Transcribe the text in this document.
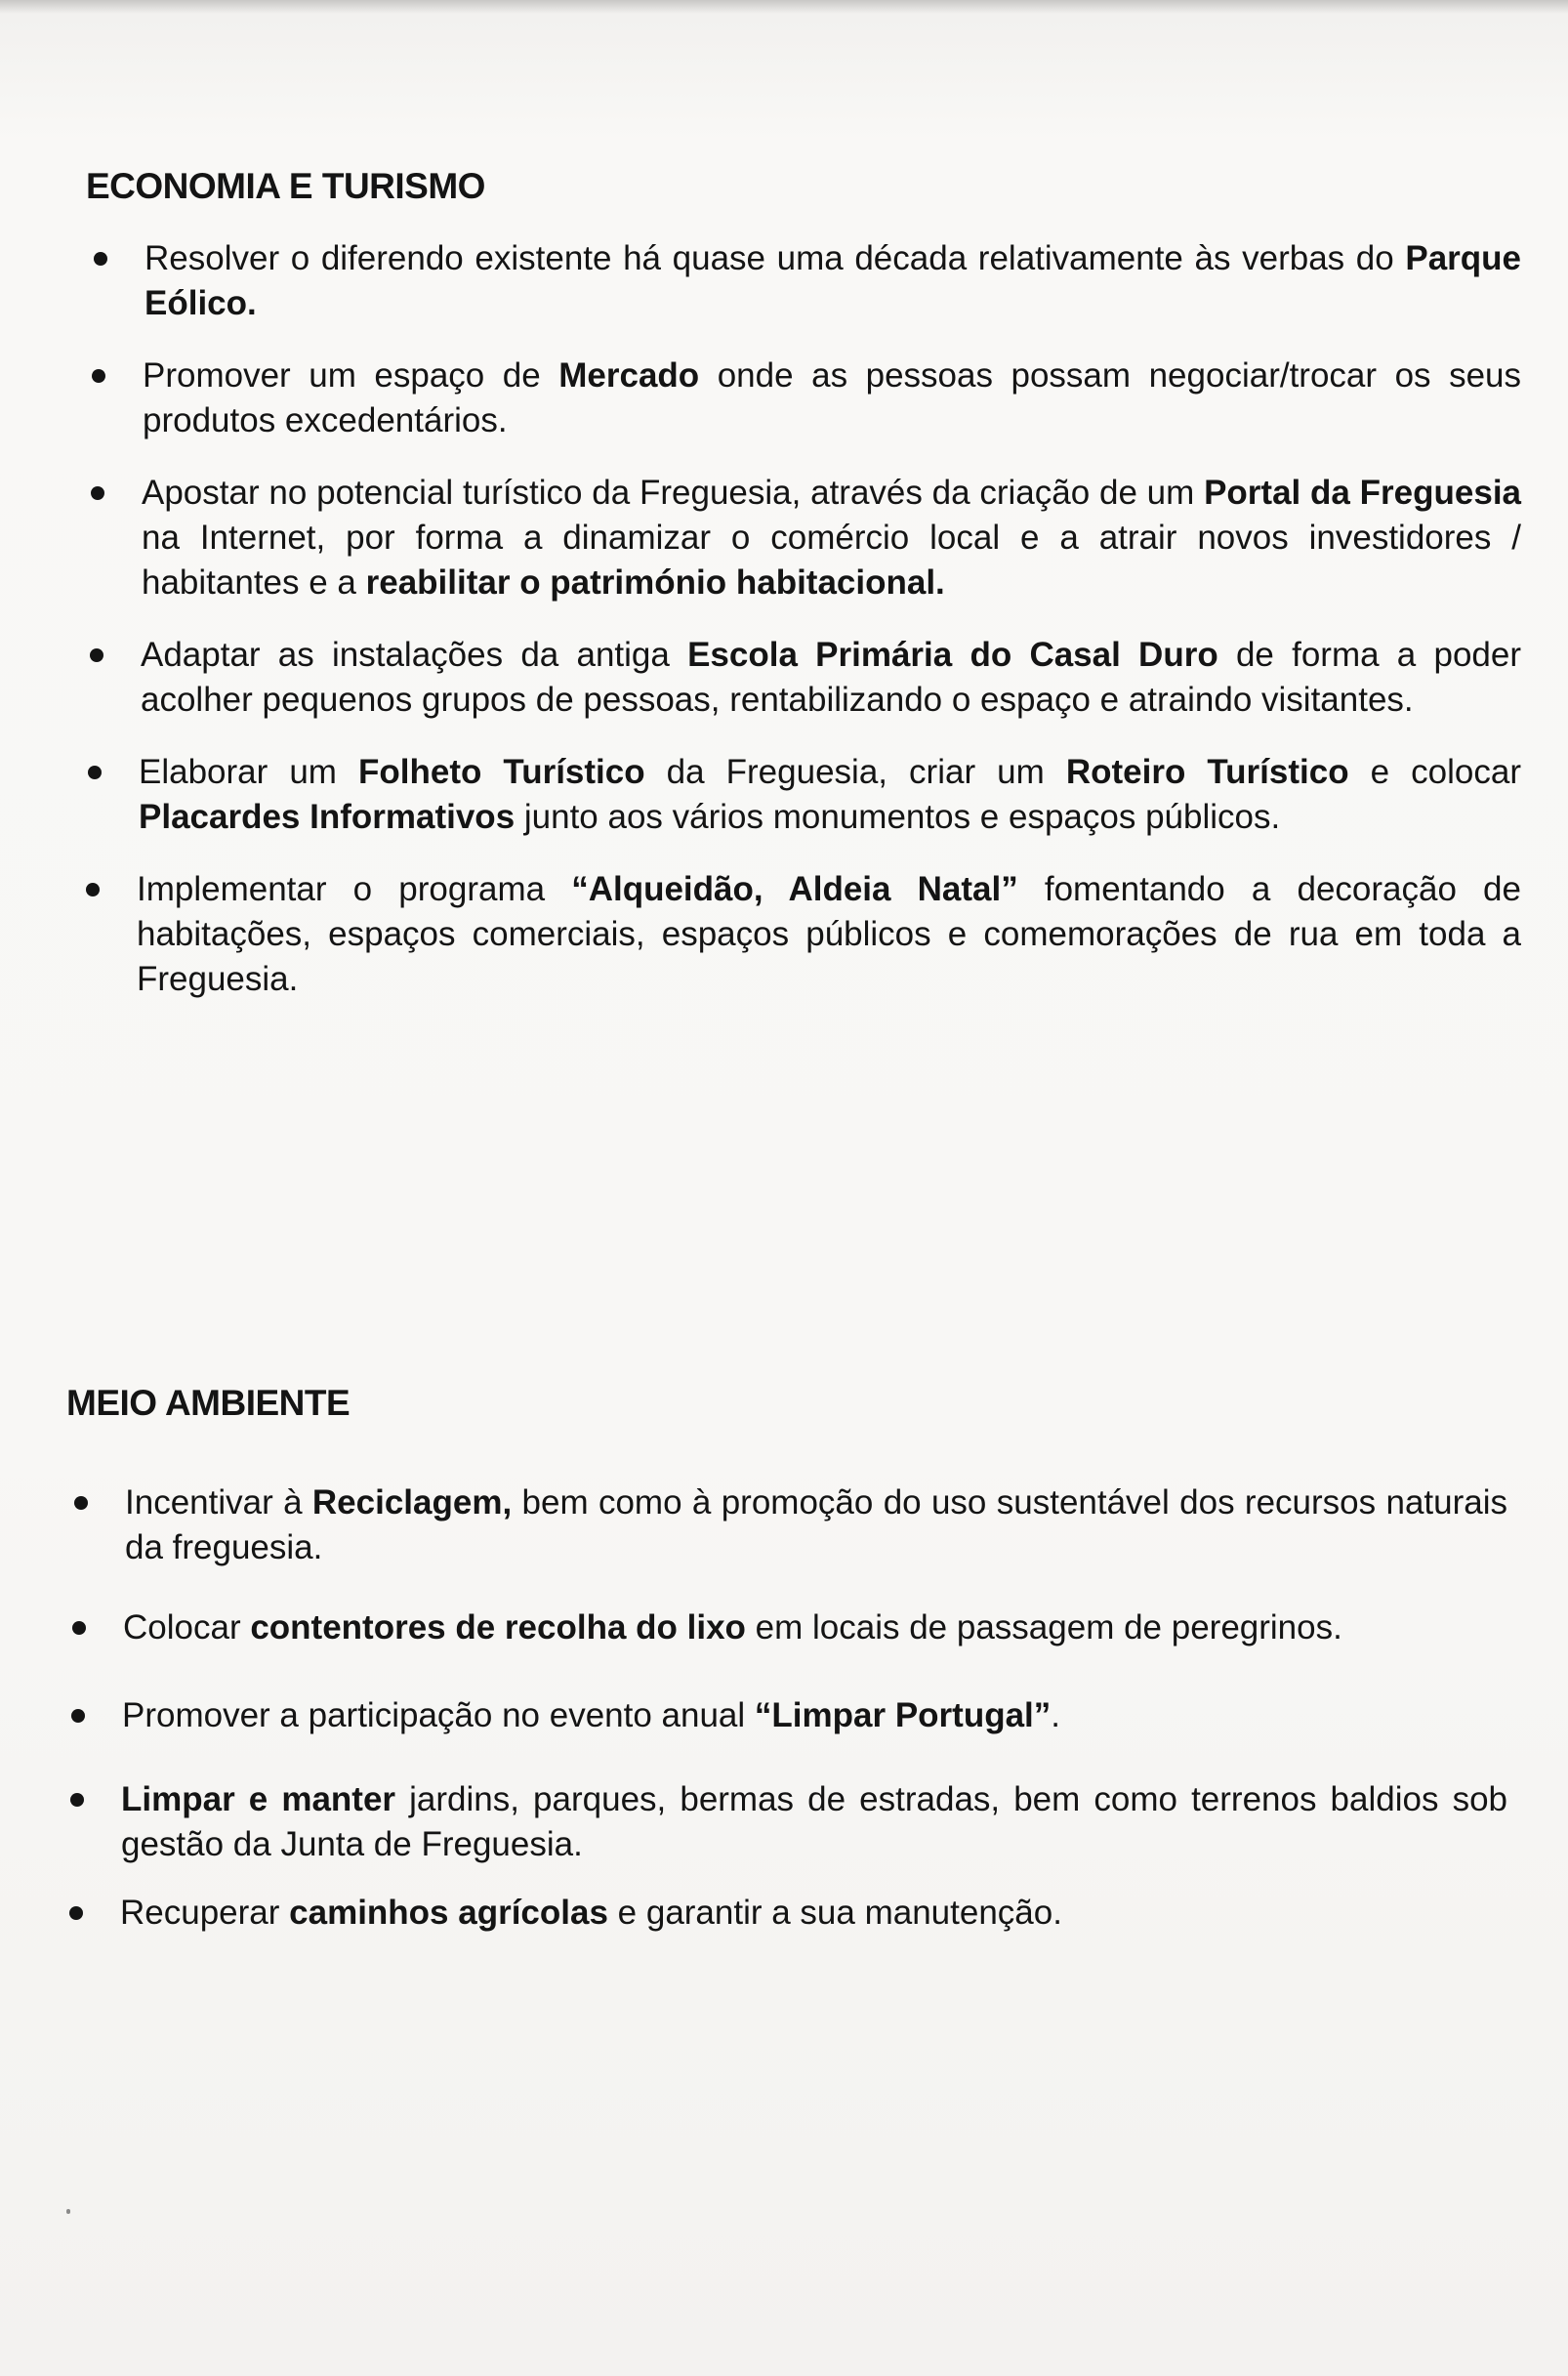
ECONOMIA E TURISMO
Resolver o diferendo existente há quase uma década relativamente às verbas do Parque Eólico.
Promover um espaço de Mercado onde as pessoas possam negociar/trocar os seus produtos excedentários.
Apostar no potencial turístico da Freguesia, através da criação de um Portal da Freguesia na Internet, por forma a dinamizar o comércio local e a atrair novos investidores / habitantes e a reabilitar o património habitacional.
Adaptar as instalações da antiga Escola Primária do Casal Duro de forma a poder acolher pequenos grupos de pessoas, rentabilizando o espaço e atraindo visitantes.
Elaborar um Folheto Turístico da Freguesia, criar um Roteiro Turístico e colocar Placardes Informativos junto aos vários monumentos e espaços públicos.
Implementar o programa “Alqueidão, Aldeia Natal” fomentando a decoração de habitações, espaços comerciais, espaços públicos e comemorações de rua em toda a Freguesia.
MEIO AMBIENTE
Incentivar à Reciclagem, bem como à promoção do uso sustentável dos recursos naturais da freguesia.
Colocar contentores de recolha do lixo em locais de passagem de peregrinos.
Promover a participação no evento anual “Limpar Portugal”.
Limpar e manter jardins, parques, bermas de estradas, bem como terrenos baldios sob gestão da Junta de Freguesia.
Recuperar caminhos agrícolas e garantir a sua manutenção.
